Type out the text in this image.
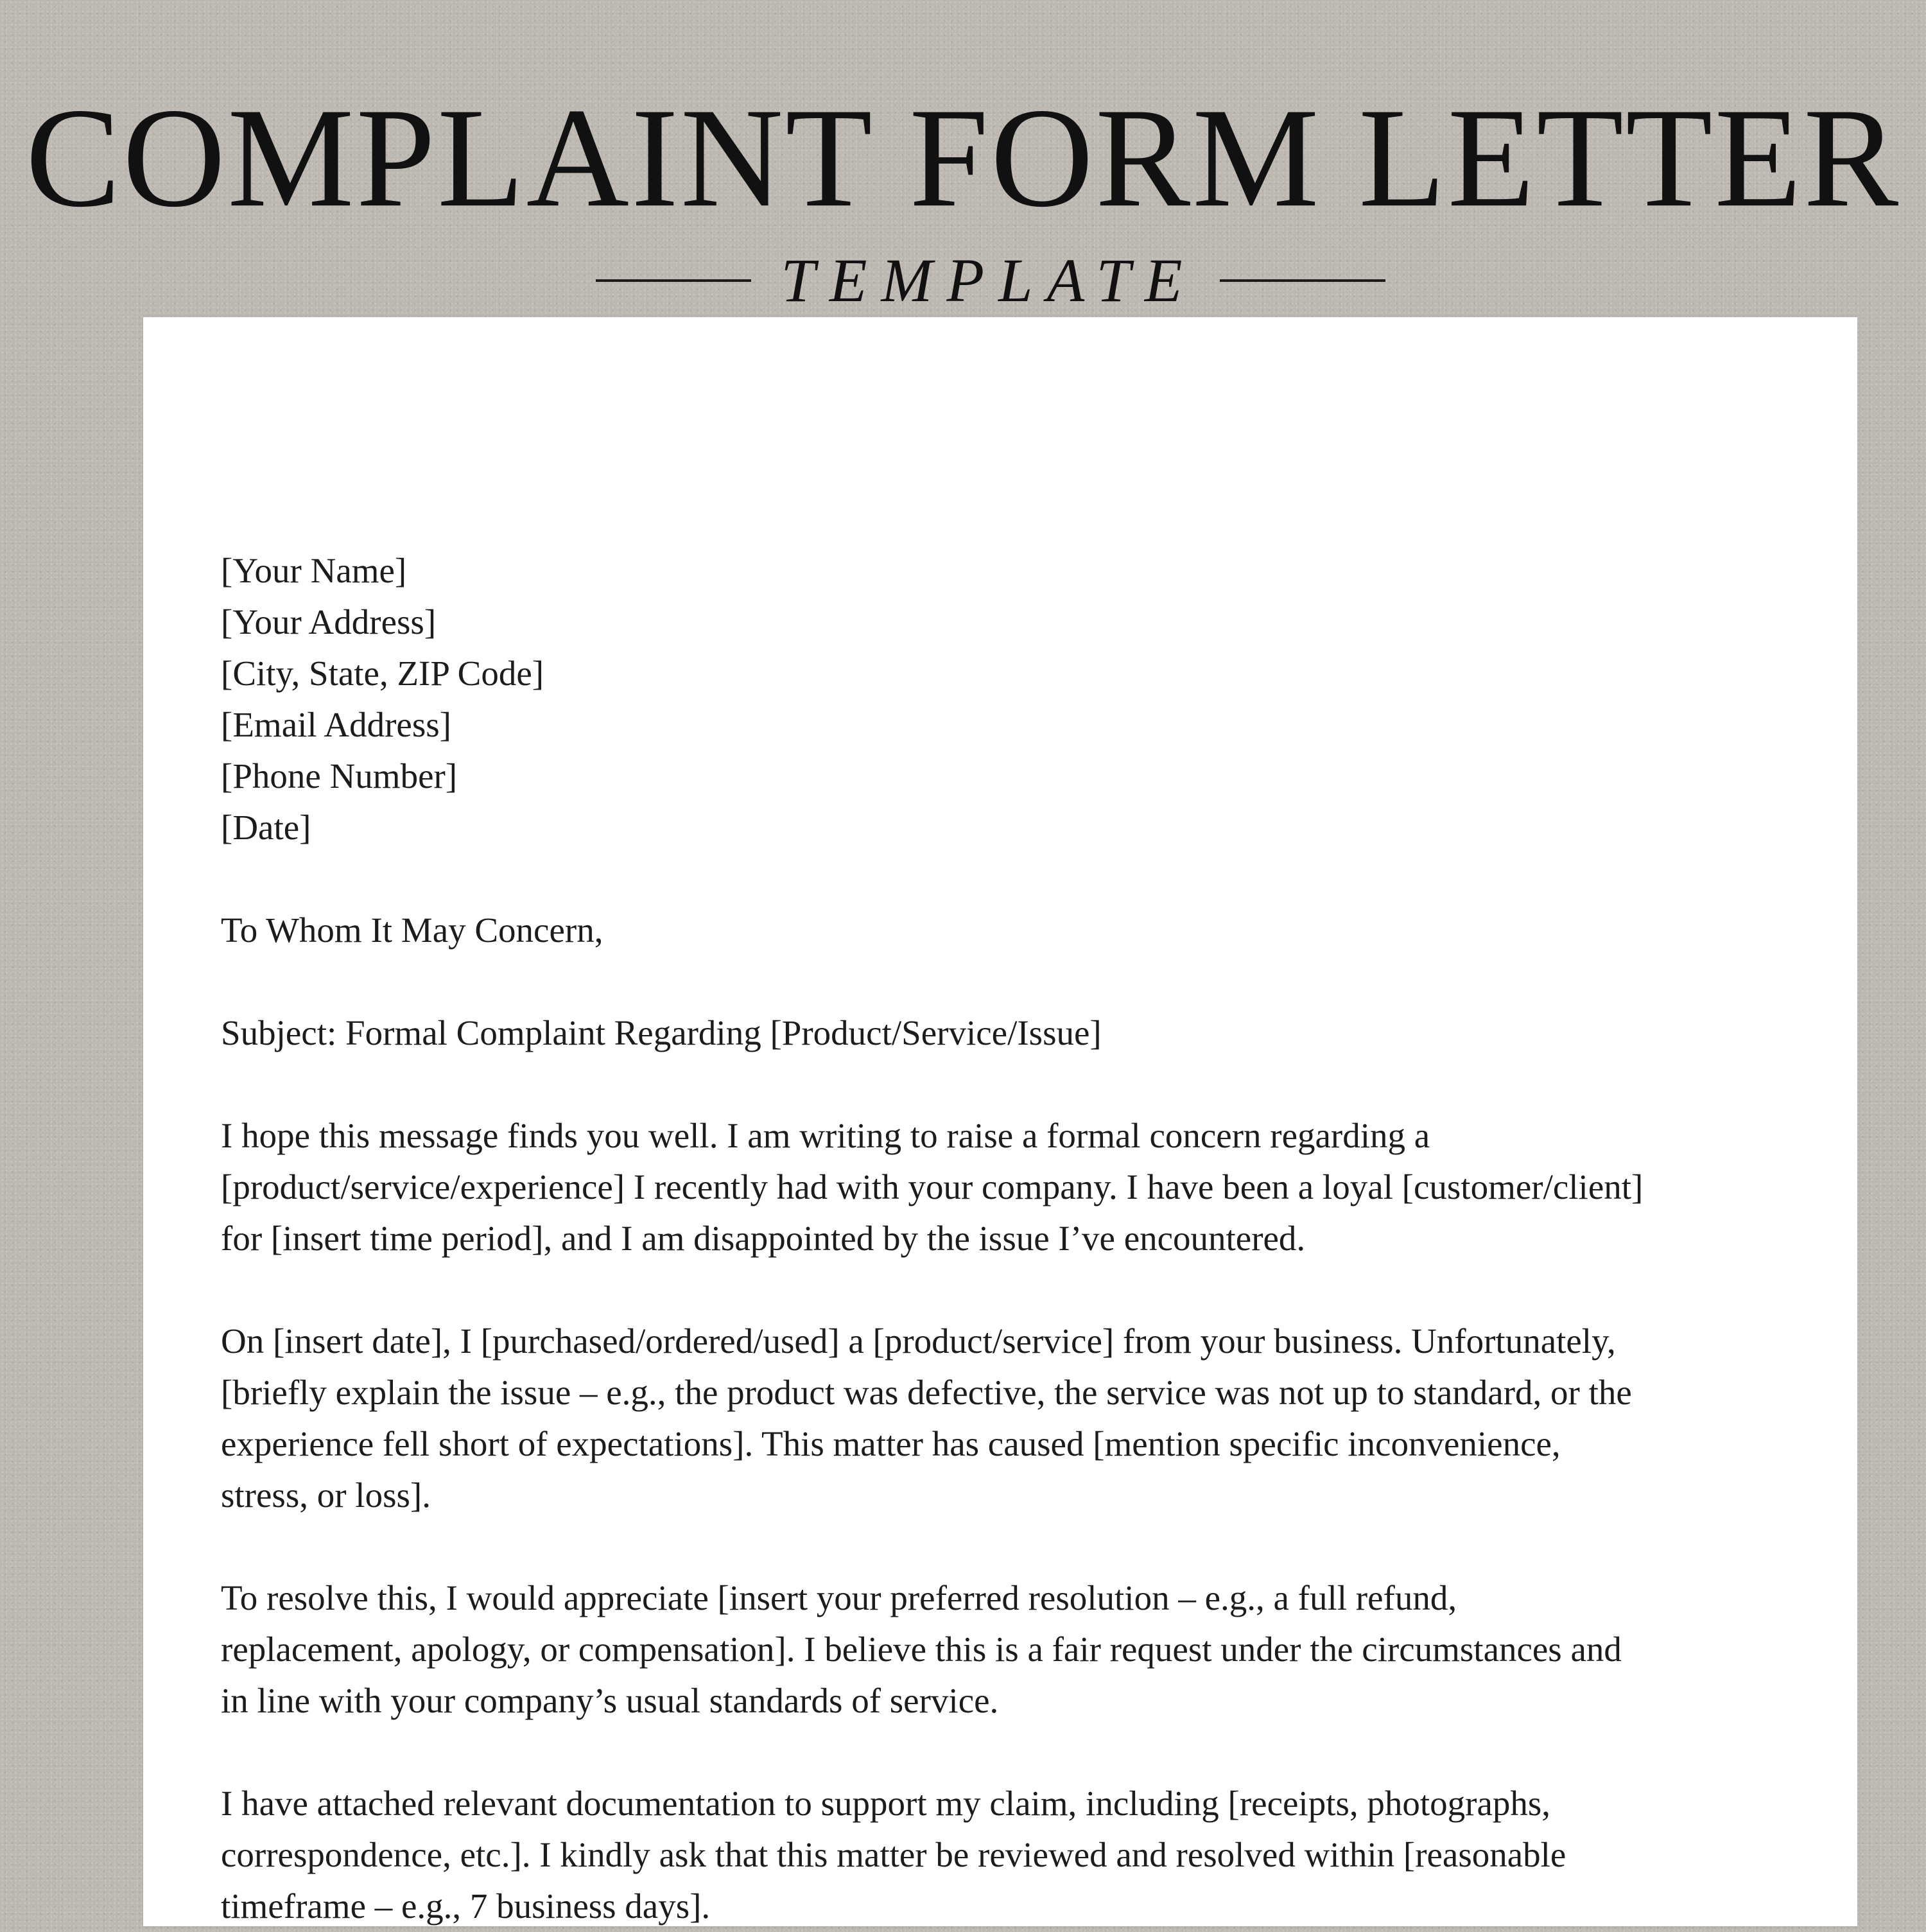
COMPLAINT FORM LETTER
TEMPLATE
[Your Name]
[Your Address]
[City, State, ZIP Code]
[Email Address]
[Phone Number]
[Date]
To Whom It May Concern,
Subject: Formal Complaint Regarding [Product/Service/Issue]
I hope this message finds you well. I am writing to raise a formal concern regarding a
[product/service/experience] I recently had with your company. I have been a loyal [customer/client]
for [insert time period], and I am disappointed by the issue I’ve encountered.
On [insert date], I [purchased/ordered/used] a [product/service] from your business. Unfortunately,
[briefly explain the issue – e.g., the product was defective, the service was not up to standard, or the
experience fell short of expectations]. This matter has caused [mention specific inconvenience,
stress, or loss].
To resolve this, I would appreciate [insert your preferred resolution – e.g., a full refund,
replacement, apology, or compensation]. I believe this is a fair request under the circumstances and
in line with your company’s usual standards of service.
I have attached relevant documentation to support my claim, including [receipts, photographs,
correspondence, etc.]. I kindly ask that this matter be reviewed and resolved within [reasonable
timeframe – e.g., 7 business days].
